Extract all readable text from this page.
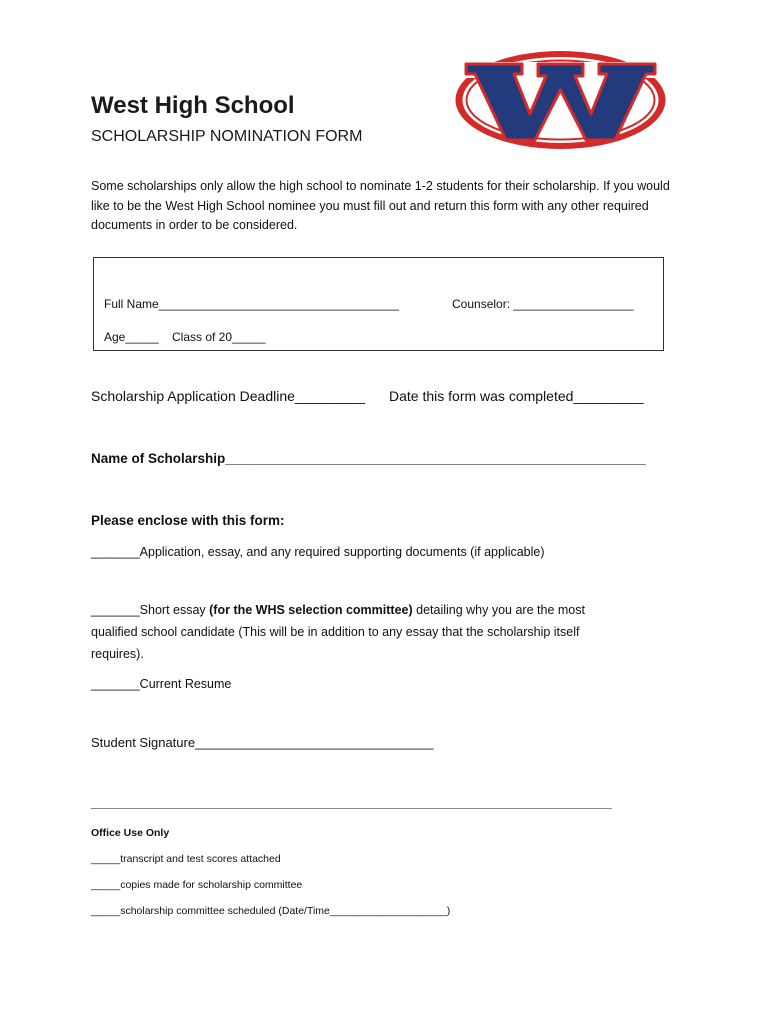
West High School
SCHOLARSHIP NOMINATION FORM
Some scholarships only allow the high school to nominate 1-2 students for their scholarship. If you would like to be the West High School nominee you must fill out and return this form with any other required documents in order to be considered.
Full Name____________________________________	Counselor: __________________
Age_____ Class of 20_____
Scholarship Application Deadline_________ Date this form was completed_________
Name of Scholarship________________________________________________________
Please enclose with this form:
_______Application, essay, and any required supporting documents (if applicable)
_______Short essay (for the WHS selection committee) detailing why you are the most
qualified school candidate (This will be in addition to any essay that the scholarship itself
requires).
_______Current Resume
Student Signature_________________________________
________________________________________________________________________
Office Use Only
_____transcript and test scores attached
_____copies made for scholarship committee
_____scholarship committee scheduled (Date/Time____________________)
